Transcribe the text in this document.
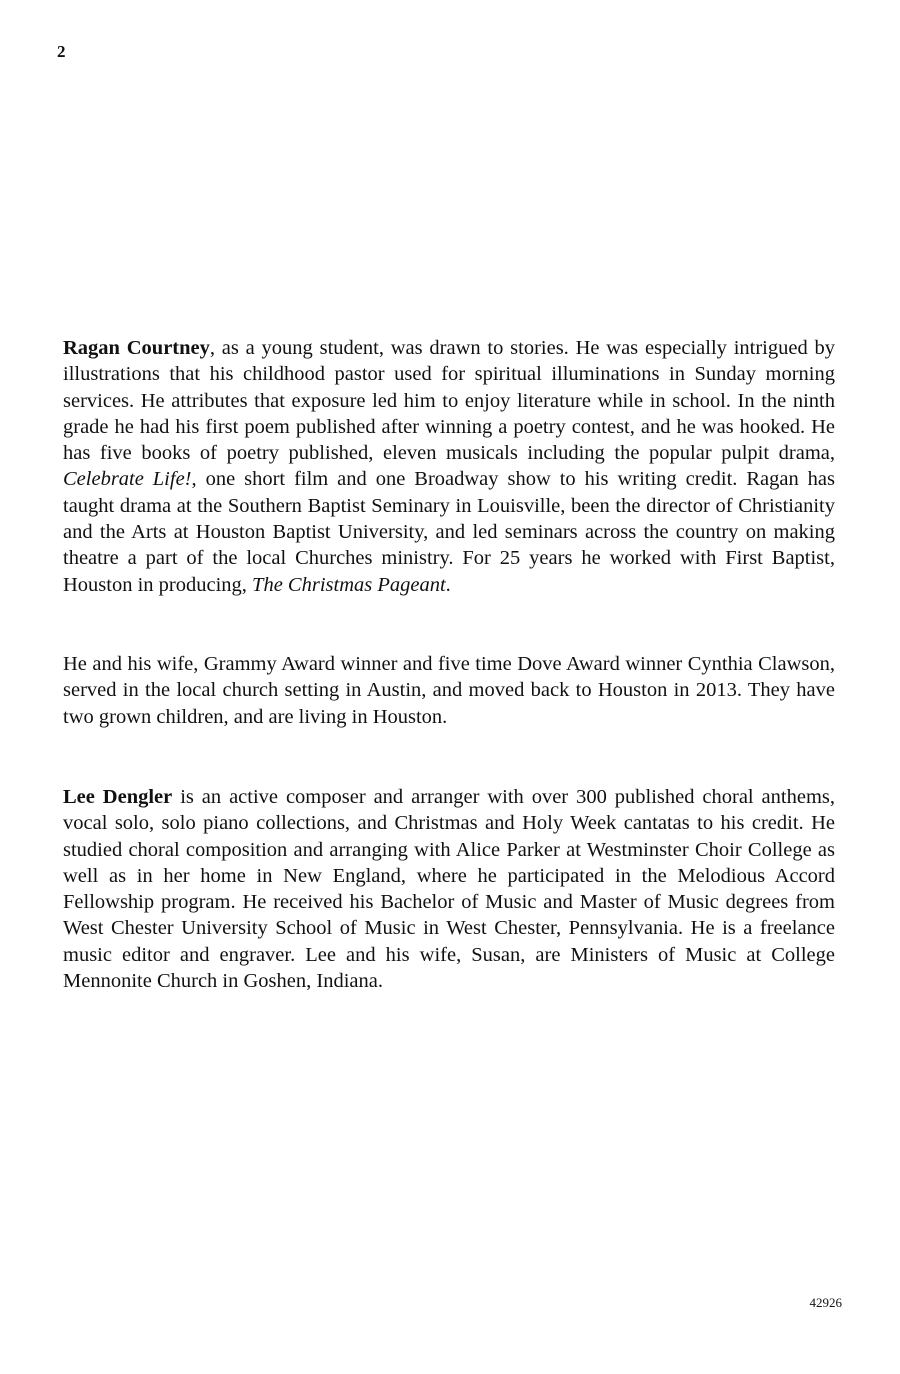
2

Ragan Courtney, as a young student, was drawn to stories. He was especially intrigued by illustrations that his childhood pastor used for spiritual illuminations in Sunday morning services. He attributes that exposure led him to enjoy literature while in school. In the ninth grade he had his first poem published after winning a poetry contest, and he was hooked. He has five books of poetry published, eleven musicals including the popular pulpit drama, Celebrate Life!, one short film and one Broadway show to his writing credit. Ragan has taught drama at the Southern Baptist Seminary in Louisville, been the director of Christianity and the Arts at Houston Baptist University, and led seminars across the country on making theatre a part of the local Churches ministry. For 25 years he worked with First Baptist, Houston in producing, The Christmas Pageant.

He and his wife, Grammy Award winner and five time Dove Award winner Cynthia Clawson, served in the local church setting in Austin, and moved back to Houston in 2013. They have two grown children, and are living in Houston.

Lee Dengler is an active composer and arranger with over 300 published choral anthems, vocal solo, solo piano collections, and Christmas and Holy Week cantatas to his credit. He studied choral composition and arranging with Alice Parker at Westminster Choir College as well as in her home in New England, where he participated in the Melodious Accord Fellowship program. He received his Bachelor of Music and Master of Music degrees from West Chester University School of Music in West Chester, Pennsylvania. He is a freelance music editor and engraver. Lee and his wife, Susan, are Ministers of Music at College Mennonite Church in Goshen, Indiana.

42926
